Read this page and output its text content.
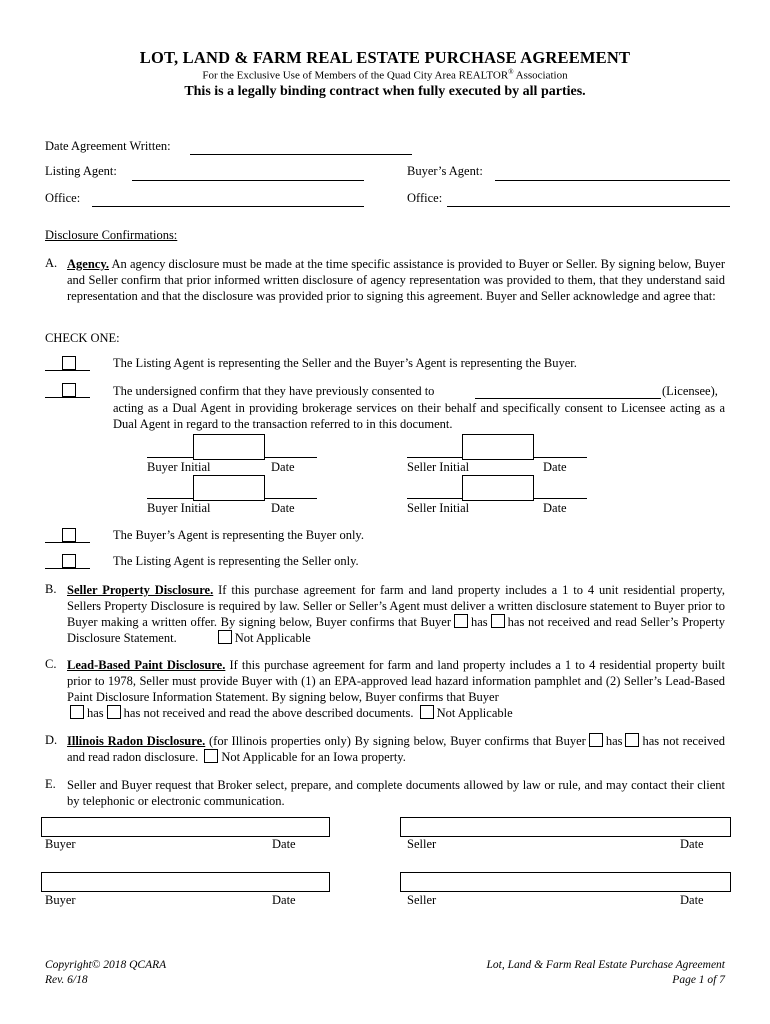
LOT, LAND & FARM REAL ESTATE PURCHASE AGREEMENT
For the Exclusive Use of Members of the Quad City Area REALTOR® Association
This is a legally binding contract when fully executed by all parties.
Date Agreement Written:
Listing Agent:	Buyer’s Agent:
Office:	Office:
Disclosure Confirmations:
A. Agency. An agency disclosure must be made at the time specific assistance is provided to Buyer or Seller. By signing below, Buyer and Seller confirm that prior informed written disclosure of agency representation was provided to them, that they understand said representation and that the disclosure was provided prior to signing this agreement. Buyer and Seller acknowledge and agree that:
CHECK ONE:
The Listing Agent is representing the Seller and the Buyer’s Agent is representing the Buyer.
The undersigned confirm that they have previously consented to	(Licensee),
acting as a Dual Agent in providing brokerage services on their behalf and specifically consent to Licensee acting as a Dual Agent in regard to the transaction referred to in this document.
Buyer Initial	Date	Seller Initial	Date
Buyer Initial	Date	Seller Initial	Date
The Buyer’s Agent is representing the Buyer only.
The Listing Agent is representing the Seller only.
B. Seller Property Disclosure. If this purchase agreement for farm and land property includes a 1 to 4 unit residential property, Sellers Property Disclosure is required by law. Seller or Seller’s Agent must deliver a written disclosure statement to Buyer prior to Buyer making a written offer. By signing below, Buyer confirms that Buyer has has not received and read Seller’s Property Disclosure Statement.	Not Applicable
C. Lead-Based Paint Disclosure. If this purchase agreement for farm and land property includes a 1 to 4 residential property built prior to 1978, Seller must provide Buyer with (1) an EPA-approved lead hazard information pamphlet and (2) Seller’s Lead-Based Paint Disclosure Information Statement. By signing below, Buyer confirms that Buyer
has has not received and read the above described documents. Not Applicable
D. Illinois Radon Disclosure. (for Illinois properties only) By signing below, Buyer confirms that Buyer has has not received and read radon disclosure. Not Applicable for an Iowa property.
E. Seller and Buyer request that Broker select, prepare, and complete documents allowed by law or rule, and may contact their client by telephonic or electronic communication.
Buyer	Date	Seller	Date
Buyer	Date	Seller	Date
Copyright© 2018 QCARA
Rev. 6/18
Lot, Land & Farm Real Estate Purchase Agreement
Page 1 of 7
